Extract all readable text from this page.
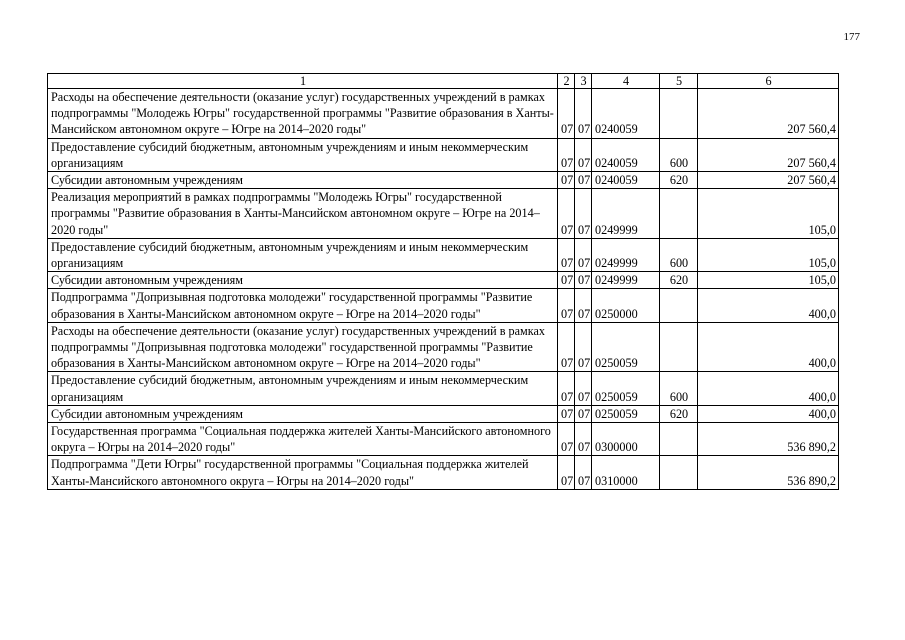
177
1	2	3	4	5	6
Расходы на обеспечение деятельности (оказание услуг) государственных учреждений в рамках подпрограммы "Молодежь Югры" государственной программы "Развитие образования в Ханты-Мансийском автономном округе – Югре на 2014–2020 годы"	07	07	0240059		207 560,4
Предоставление субсидий бюджетным, автономным учреждениям и иным некоммерческим организациям	07	07	0240059	600	207 560,4
Субсидии автономным учреждениям	07	07	0240059	620	207 560,4
Реализация мероприятий в рамках подпрограммы "Молодежь Югры" государственной программы "Развитие образования в Ханты-Мансийском автономном округе – Югре на 2014–2020 годы"	07	07	0249999		105,0
Предоставление субсидий бюджетным, автономным учреждениям и иным некоммерческим организациям	07	07	0249999	600	105,0
Субсидии автономным учреждениям	07	07	0249999	620	105,0
Подпрограмма "Допризывная подготовка молодежи" государственной программы "Развитие образования в Ханты-Мансийском автономном округе – Югре на 2014–2020 годы"	07	07	0250000		400,0
Расходы на обеспечение деятельности (оказание услуг) государственных учреждений в рамках подпрограммы "Допризывная подготовка молодежи" государственной программы "Развитие образования в Ханты-Мансийском автономном округе – Югре на 2014–2020 годы"	07	07	0250059		400,0
Предоставление субсидий бюджетным, автономным учреждениям и иным некоммерческим организациям	07	07	0250059	600	400,0
Субсидии автономным учреждениям	07	07	0250059	620	400,0
Государственная программа "Социальная поддержка жителей Ханты-Мансийского автономного округа – Югры на 2014–2020 годы"	07	07	0300000		536 890,2
Подпрограмма "Дети Югры" государственной программы "Социальная поддержка жителей Ханты-Мансийского автономного округа – Югры на 2014–2020 годы"	07	07	0310000		536 890,2
